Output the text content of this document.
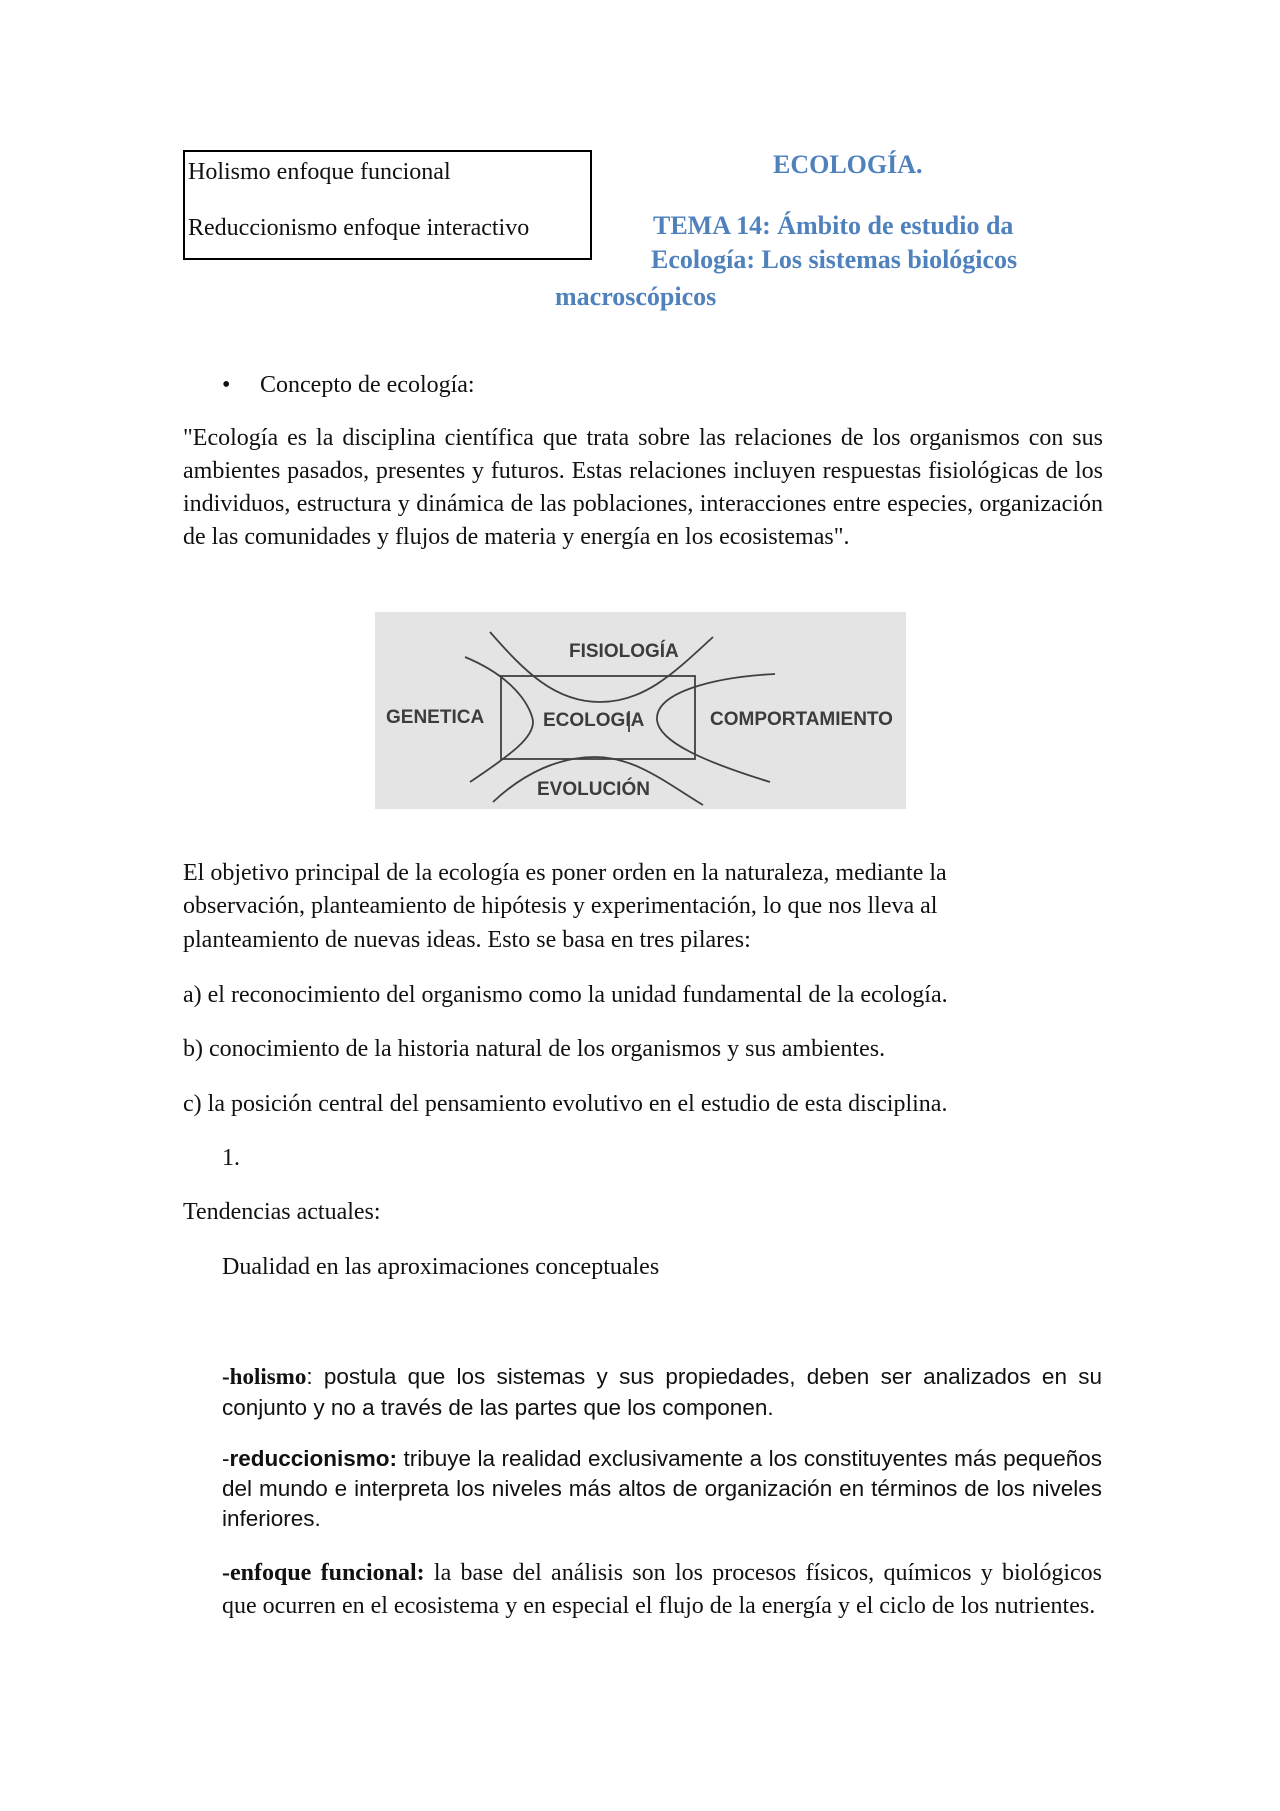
Holismo enfoque funcional
Reduccionismo enfoque interactivo
ECOLOGÍA.
TEMA 14: Ámbito de estudio da
Ecología: Los sistemas biológicos
macroscópicos
• Concepto de ecología:
"Ecología es la disciplina científica que trata sobre las relaciones de los organismos con sus ambientes pasados, presentes y futuros. Estas relaciones incluyen respuestas fisiológicas de los individuos, estructura y dinámica de las poblaciones, interacciones entre especies, organización de las comunidades y flujos de materia y energía en los ecosistemas".
FISIOLOGÍA
GENETICA	ECOLOGIA	COMPORTAMIENTO
EVOLUCIÓN
El objetivo principal de la ecología es poner orden en la naturaleza, mediante la
observación, planteamiento de hipótesis y experimentación, lo que nos lleva al
planteamiento de nuevas ideas. Esto se basa en tres pilares:
a) el reconocimiento del organismo como la unidad fundamental de la ecología.
b) conocimiento de la historia natural de los organismos y sus ambientes.
c) la posición central del pensamiento evolutivo en el estudio de esta disciplina.
1.
Tendencias actuales:
Dualidad en las aproximaciones conceptuales
-holismo: postula que los sistemas y sus propiedades, deben ser analizados en su conjunto y no a través de las partes que los componen.
-reduccionismo: tribuye la realidad exclusivamente a los constituyentes más pequeños del mundo e interpreta los niveles más altos de organización en términos de los niveles inferiores.
-enfoque funcional: la base del análisis son los procesos físicos, químicos y biológicos que ocurren en el ecosistema y en especial el flujo de la energía y el ciclo de los nutrientes.
